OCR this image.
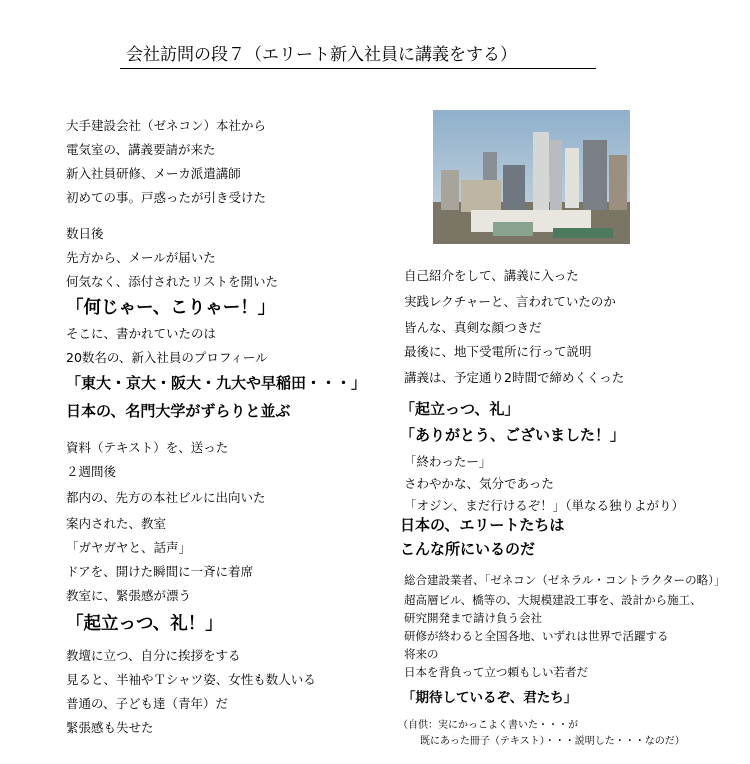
会社訪問の段７（エリート新入社員に講義をする）
大手建設会社（ゼネコン）本社から
電気室の、講義要請が来た
新入社員研修、メーカ派遣講師
初めての事。戸惑ったが引き受けた
数日後
先方から、メールが届いた
何気なく、添付されたリストを開いた
「何じゃー、こりゃー！」
そこに、書かれていたのは
20数名の、新入社員のプロフィール
「東大・京大・阪大・九大や早稲田・・・」
日本の、名門大学がずらりと並ぶ
資料（テキスト）を、送った
２週間後
都内の、先方の本社ビルに出向いた
案内された、教室
「ガヤガヤと、話声」
ドアを、開けた瞬間に一斉に着席
教室に、緊張感が漂う
「起立っつ、礼！」
教壇に立つ、自分に挨拶をする
見ると、半袖やＴシャツ姿、女性も数人いる
普通の、子ども達（青年）だ
緊張感も失せた
自己紹介をして、講義に入った
実践レクチャーと、言われていたのか
皆んな、真剣な顔つきだ
最後に、地下受電所に行って説明
講義は、予定通り2時間で締めくくった
「起立っつ、礼」
「ありがとう、ございました！」
「終わったー」
さわやかな、気分であった
「オジン、まだ行けるぞ！」（単なる独りよがり）
日本の、エリートたちは
こんな所にいるのだ
総合建設業者、「ゼネコン（ゼネラル・コントラクターの略）」
超高層ビル、橋等の、大規模建設工事を、設計から施工、
研究開発まで請け負う会社
研修が終わると全国各地、いずれは世界で活躍する
将来の
日本を背負って立つ頼もしい若者だ
「期待しているぞ、君たち」
（自供：実にかっこよく書いた・・・が
既にあった冊子（テキスト）・・・説明した・・・なのだ）
